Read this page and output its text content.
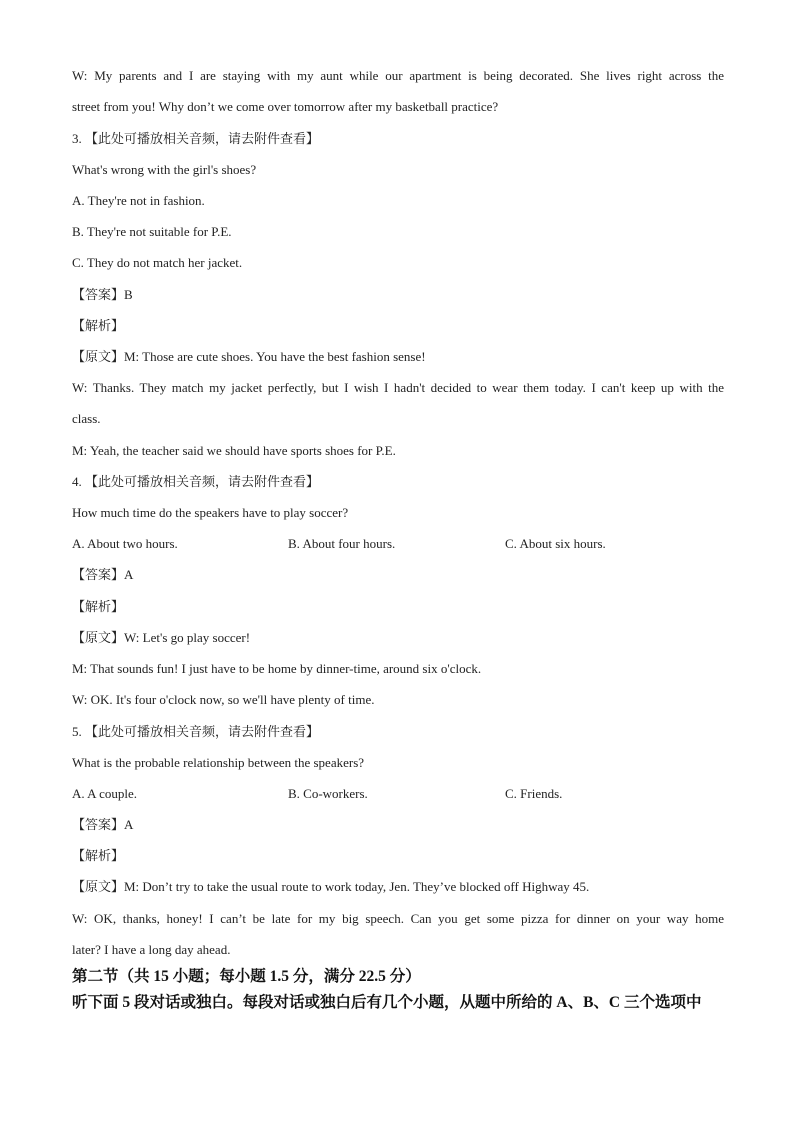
W: My parents and I are staying with my aunt while our apartment is being decorated. She lives right across the
street from you! Why don’t we come over tomorrow after my basketball practice?
3. 【此处可播放相关音频，请去附件查看】
What's wrong with the girl's shoes?
A. They're not in fashion.
B. They're not suitable for P.E.
C. They do not match her jacket.
【答案】B
【解析】
【原文】M: Those are cute shoes. You have the best fashion sense!
W: Thanks. They match my jacket perfectly, but I wish I hadn't decided to wear them today. I can't keep up with the
class.
M: Yeah, the teacher said we should have sports shoes for P.E.
4. 【此处可播放相关音频，请去附件查看】
How much time do the speakers have to play soccer?
A. About two hours.	B. About four hours.	C. About six hours.
【答案】A
【解析】
【原文】W: Let's go play soccer!
M: That sounds fun! I just have to be home by dinner-time, around six o'clock.
W: OK. It's four o'clock now, so we'll have plenty of time.
5. 【此处可播放相关音频，请去附件查看】
What is the probable relationship between the speakers?
A. A couple.	B. Co-workers.	C. Friends.
【答案】A
【解析】
【原文】M: Don’t try to take the usual route to work today, Jen. They’ve blocked off Highway 45.
W: OK, thanks, honey! I can’t be late for my big speech. Can you get some pizza for dinner on your way home
later? I have a long day ahead.
第二节（共 15 小题；每小题 1.5 分，满分 22.5 分）
听下面 5 段对话或独白。每段对话或独白后有几个小题，从题中所给的 A、B、C 三个选项中
